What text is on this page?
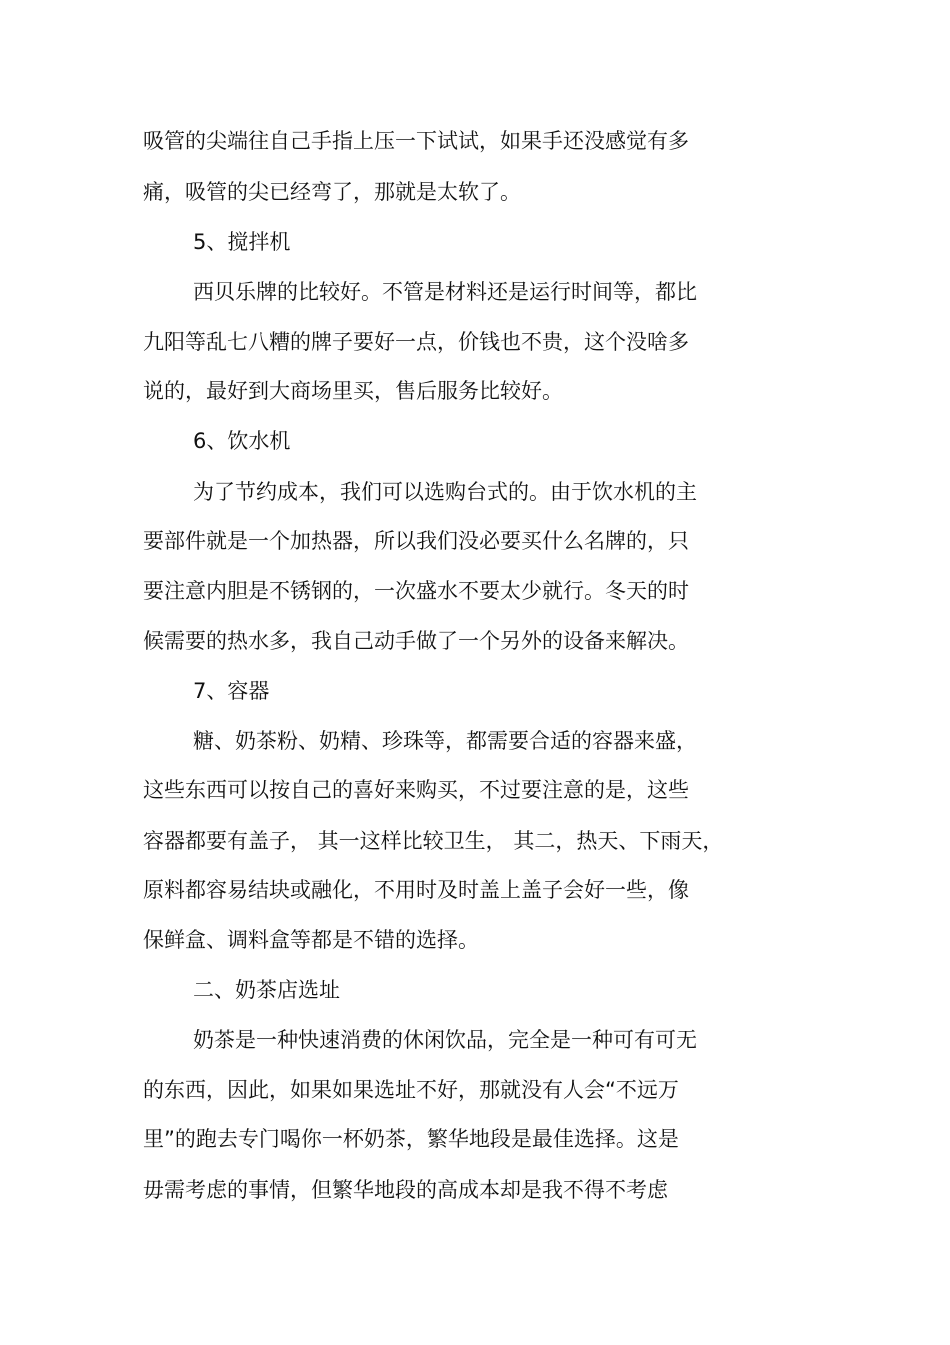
吸管的尖端往自己手指上压一下试试，如果手还没感觉有多
痛，吸管的尖已经弯了，那就是太软了。
5、搅拌机
西贝乐牌的比较好。不管是材料还是运行时间等，都比
九阳等乱七八糟的牌子要好一点，价钱也不贵，这个没啥多
说的，最好到大商场里买，售后服务比较好。
6、饮水机
为了节约成本，我们可以选购台式的。由于饮水机的主
要部件就是一个加热器，所以我们没必要买什么名牌的，只
要注意内胆是不锈钢的，一次盛水不要太少就行。冬天的时
候需要的热水多，我自己动手做了一个另外的设备来解决。
7、容器
糖、奶茶粉、奶精、珍珠等，都需要合适的容器来盛，
这些东西可以按自己的喜好来购买，不过要注意的是，这些
容器都要有盖子， 其一这样比较卫生， 其二，热天、下雨天，
原料都容易结块或融化，不用时及时盖上盖子会好一些，像
保鲜盒、调料盒等都是不错的选择。
二、奶茶店选址
奶茶是一种快速消费的休闲饮品，完全是一种可有可无
的东西，因此，如果如果选址不好，那就没有人会“不远万
里”的跑去专门喝你一杯奶茶，繁华地段是最佳选择。这是
毋需考虑的事情，但繁华地段的高成本却是我不得不考虑
